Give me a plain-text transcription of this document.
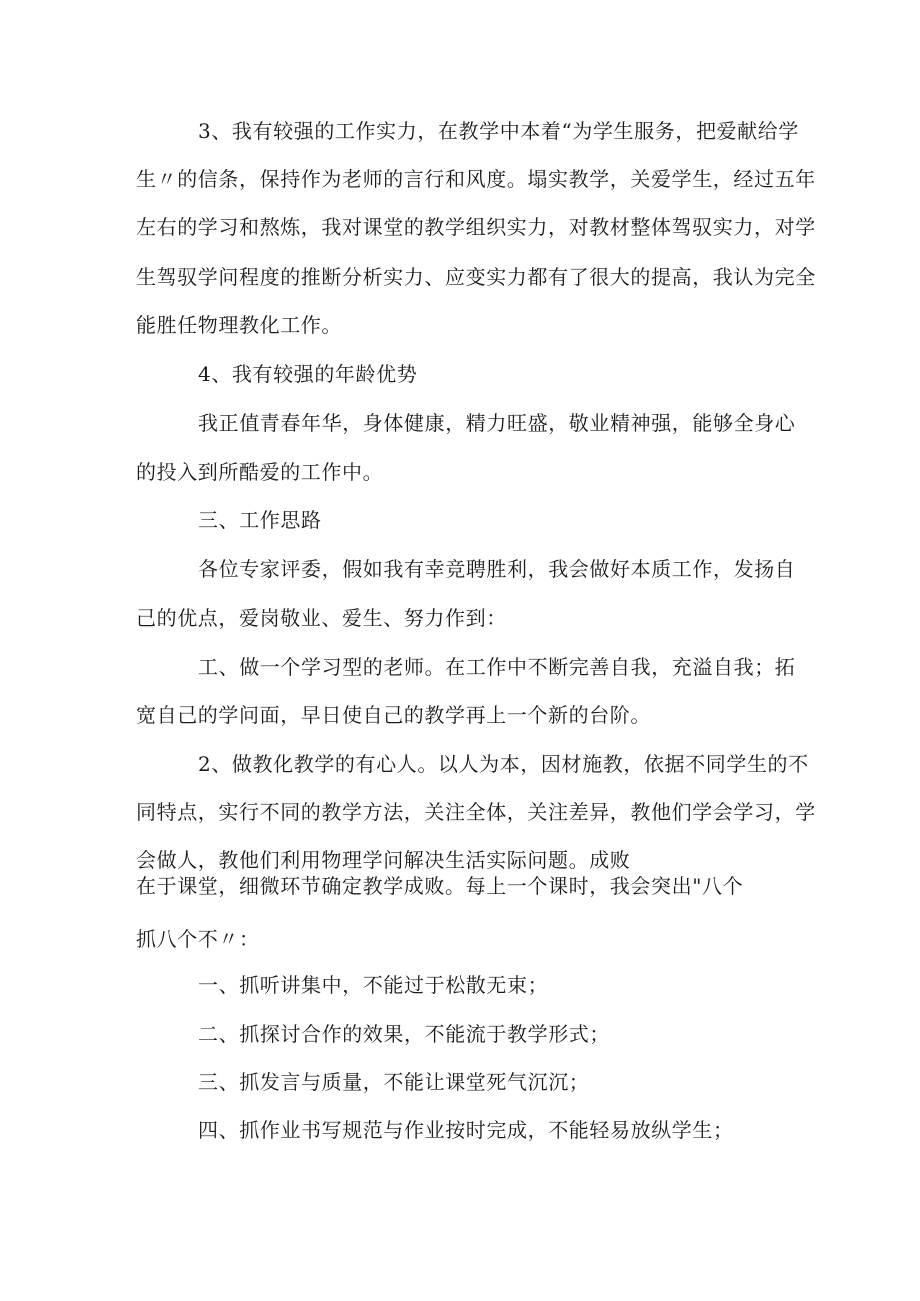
3、我有较强的工作实力，在教学中本着“为学生服务，把爱献给学
生〃的信条，保持作为老师的言行和风度。塌实教学，关爱学生，经过五年
左右的学习和熬炼，我对课堂的教学组织实力，对教材整体驾驭实力，对学
生驾驭学问程度的推断分析实力、应变实力都有了很大的提高，我认为完全
能胜任物理教化工作。
4、我有较强的年龄优势
我正值青春年华，身体健康，精力旺盛，敬业精神强，能够全身心
的投入到所酷爱的工作中。
三、工作思路
各位专家评委，假如我有幸竞聘胜利，我会做好本质工作，发扬自
己的优点，爱岗敬业、爱生、努力作到：
工、做一个学习型的老师。在工作中不断完善自我，充溢自我；拓
宽自己的学问面，早日使自己的教学再上一个新的台阶。
2、做教化教学的有心人。以人为本，因材施教，依据不同学生的不
同特点，实行不同的教学方法，关注全体，关注差异，教他们学会学习，学
会做人，教他们利用物理学问解决生活实际问题。成败
在于课堂，细微环节确定教学成败。每上一个课时，我会突出"八个
抓八个不〃：
一、抓听讲集中，不能过于松散无束；
二、抓探讨合作的效果，不能流于教学形式；
三、抓发言与质量，不能让课堂死气沉沉；
四、抓作业书写规范与作业按时完成，不能轻易放纵学生；
